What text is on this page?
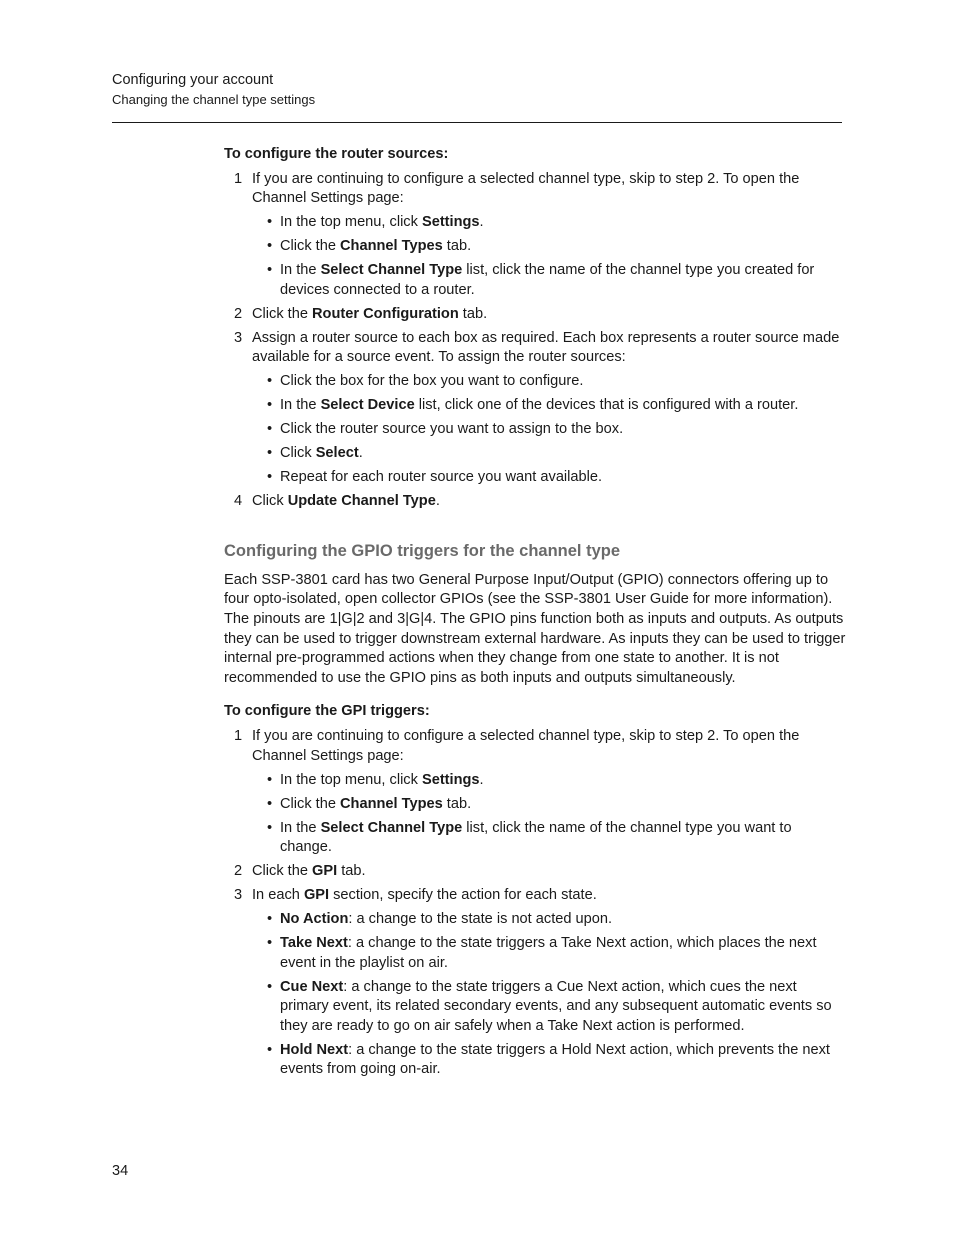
Configuring your account
Changing the channel type settings
To configure the router sources:
1 If you are continuing to configure a selected channel type, skip to step 2. To open the Channel Settings page:
• In the top menu, click Settings.
• Click the Channel Types tab.
• In the Select Channel Type list, click the name of the channel type you created for devices connected to a router.
2 Click the Router Configuration tab.
3 Assign a router source to each box as required. Each box represents a router source made available for a source event. To assign the router sources:
• Click the box for the box you want to configure.
• In the Select Device list, click one of the devices that is configured with a router.
• Click the router source you want to assign to the box.
• Click Select.
• Repeat for each router source you want available.
4 Click Update Channel Type.
Configuring the GPIO triggers for the channel type
Each SSP-3801 card has two General Purpose Input/Output (GPIO) connectors offering up to four opto-isolated, open collector GPIOs (see the SSP-3801 User Guide for more information). The pinouts are 1|G|2 and 3|G|4. The GPIO pins function both as inputs and outputs. As outputs they can be used to trigger downstream external hardware. As inputs they can be used to trigger internal pre-programmed actions when they change from one state to another. It is not recommended to use the GPIO pins as both inputs and outputs simultaneously.
To configure the GPI triggers:
1 If you are continuing to configure a selected channel type, skip to step 2. To open the Channel Settings page:
• In the top menu, click Settings.
• Click the Channel Types tab.
• In the Select Channel Type list, click the name of the channel type you want to change.
2 Click the GPI tab.
3 In each GPI section, specify the action for each state.
• No Action: a change to the state is not acted upon.
• Take Next: a change to the state triggers a Take Next action, which places the next event in the playlist on air.
• Cue Next: a change to the state triggers a Cue Next action, which cues the next primary event, its related secondary events, and any subsequent automatic events so they are ready to go on air safely when a Take Next action is performed.
• Hold Next: a change to the state triggers a Hold Next action, which prevents the next events from going on-air.
34
